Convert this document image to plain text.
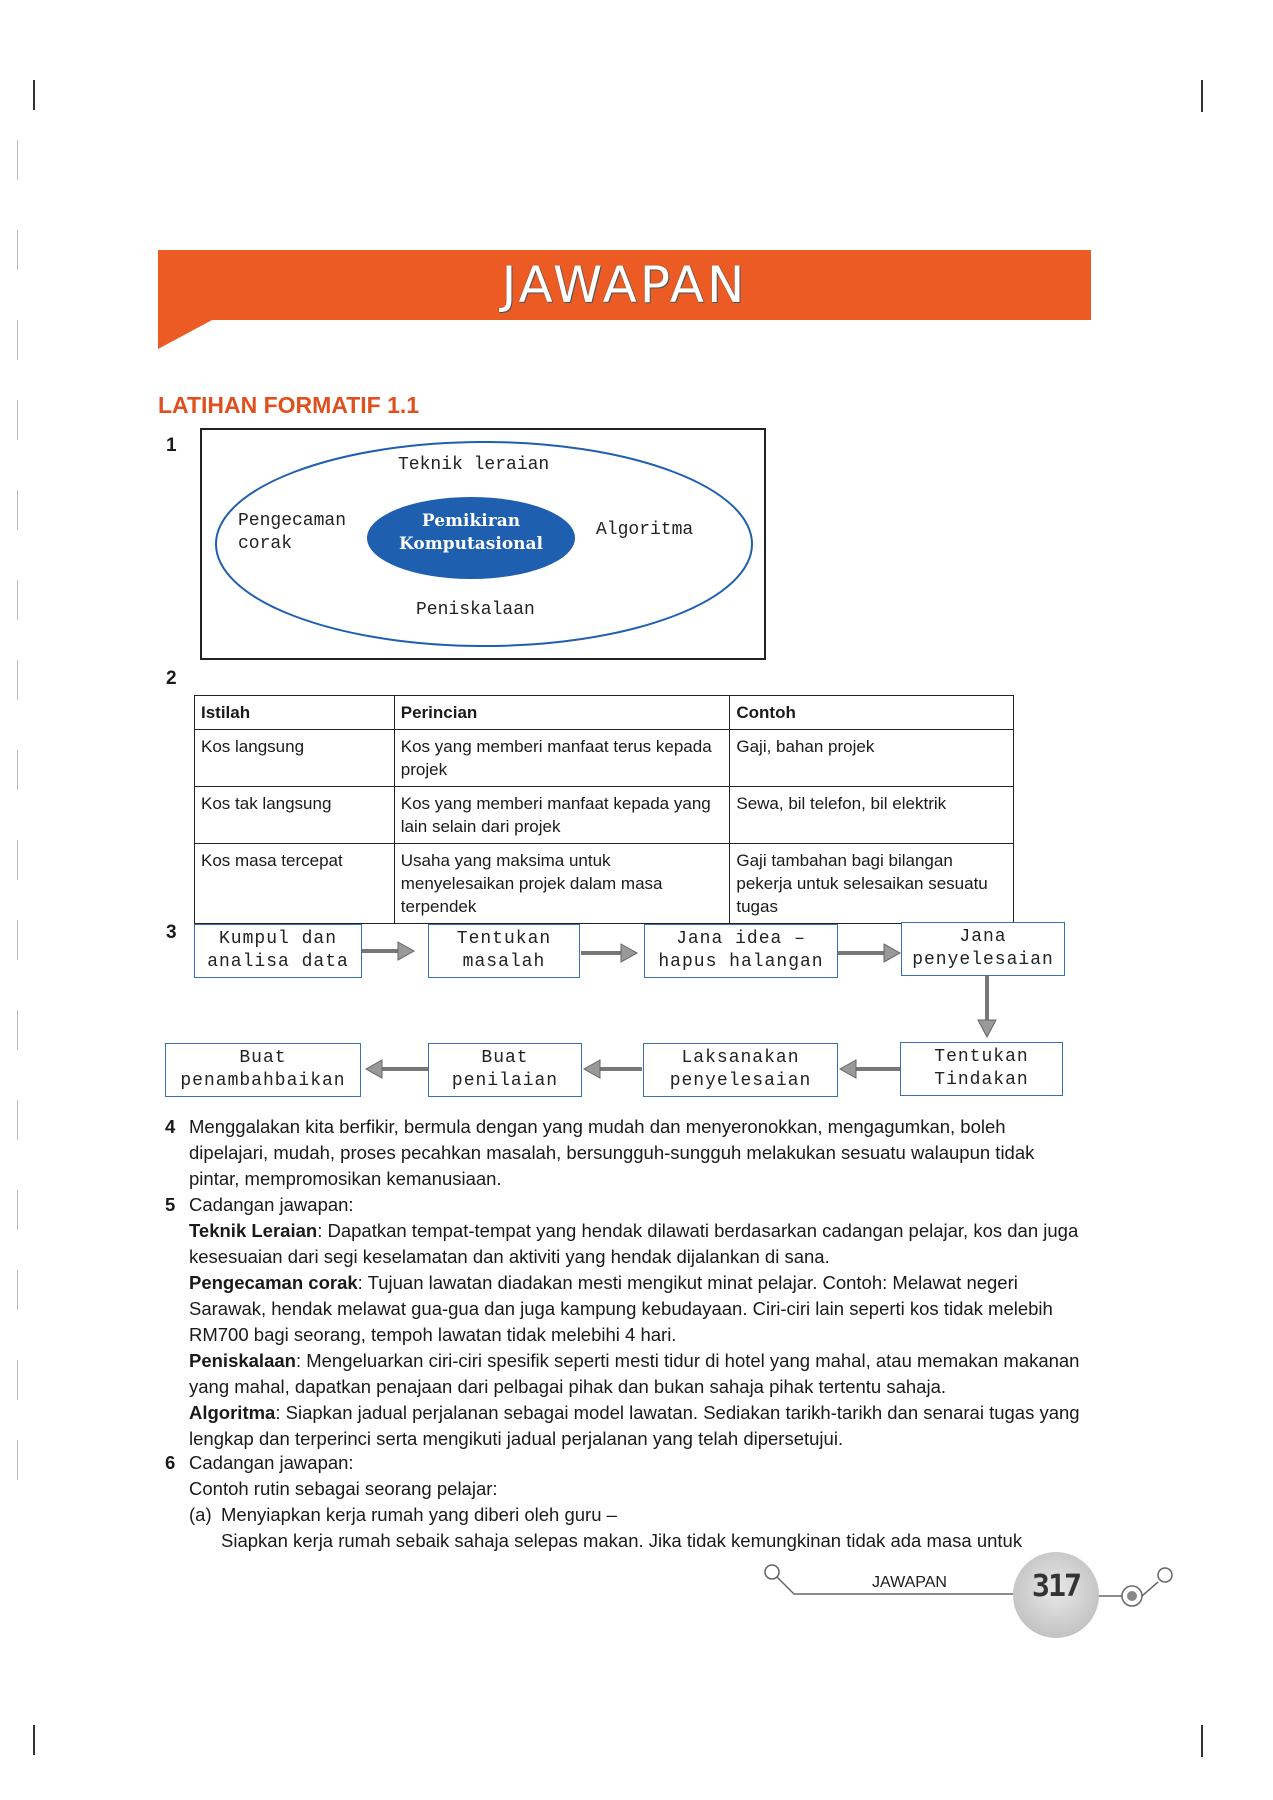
JAWAPAN
LATIHAN FORMATIF 1.1
1
Teknik leraian
Pengecaman
corak
Pemikiran
Komputasional
Algoritma
Peniskalaan
2
Istilah	Perincian	Contoh
Kos langsung	Kos yang memberi manfaat terus kepada projek	Gaji, bahan projek
Kos tak langsung	Kos yang memberi manfaat kepada yang lain selain dari projek	Sewa, bil telefon, bil elektrik
Kos masa tercepat	Usaha yang maksima untuk menyelesaikan projek dalam masa terpendek	Gaji tambahan bagi bilangan pekerja untuk selesaikan sesuatu tugas
3	Kumpul dan
analisa data
Tentukan
masalah
Jana idea –
hapus halangan
Jana
penyelesaian
Tentukan
Tindakan
Laksanakan
penyelesaian
Buat
penilaian
Buat
penambahbaikan
4 Menggalakan kita berfikir, bermula dengan yang mudah dan menyeronokkan, mengagumkan, boleh dipelajari, mudah, proses pecahkan masalah, bersungguh-sungguh melakukan sesuatu walaupun tidak pintar, mempromosikan kemanusiaan.
5 Cadangan jawapan:
Teknik Leraian: Dapatkan tempat-tempat yang hendak dilawati berdasarkan cadangan pelajar, kos dan juga kesesuaian dari segi keselamatan dan aktiviti yang hendak dijalankan di sana.
Pengecaman corak: Tujuan lawatan diadakan mesti mengikut minat pelajar. Contoh: Melawat negeri Sarawak, hendak melawat gua-gua dan juga kampung kebudayaan. Ciri-ciri lain seperti kos tidak melebih RM700 bagi seorang, tempoh lawatan tidak melebihi 4 hari.
Peniskalaan: Mengeluarkan ciri-ciri spesifik seperti mesti tidur di hotel yang mahal, atau memakan makanan yang mahal, dapatkan penajaan dari pelbagai pihak dan bukan sahaja pihak tertentu sahaja.
Algoritma: Siapkan jadual perjalanan sebagai model lawatan. Sediakan tarikh-tarikh dan senarai tugas yang lengkap dan terperinci serta mengikuti jadual perjalanan yang telah dipersetujui.
6 Cadangan jawapan:
Contoh rutin sebagai seorang pelajar:
(a) Menyiapkan kerja rumah yang diberi oleh guru –
Siapkan kerja rumah sebaik sahaja selepas makan. Jika tidak kemungkinan tidak ada masa untuk
JAWAPAN	317
